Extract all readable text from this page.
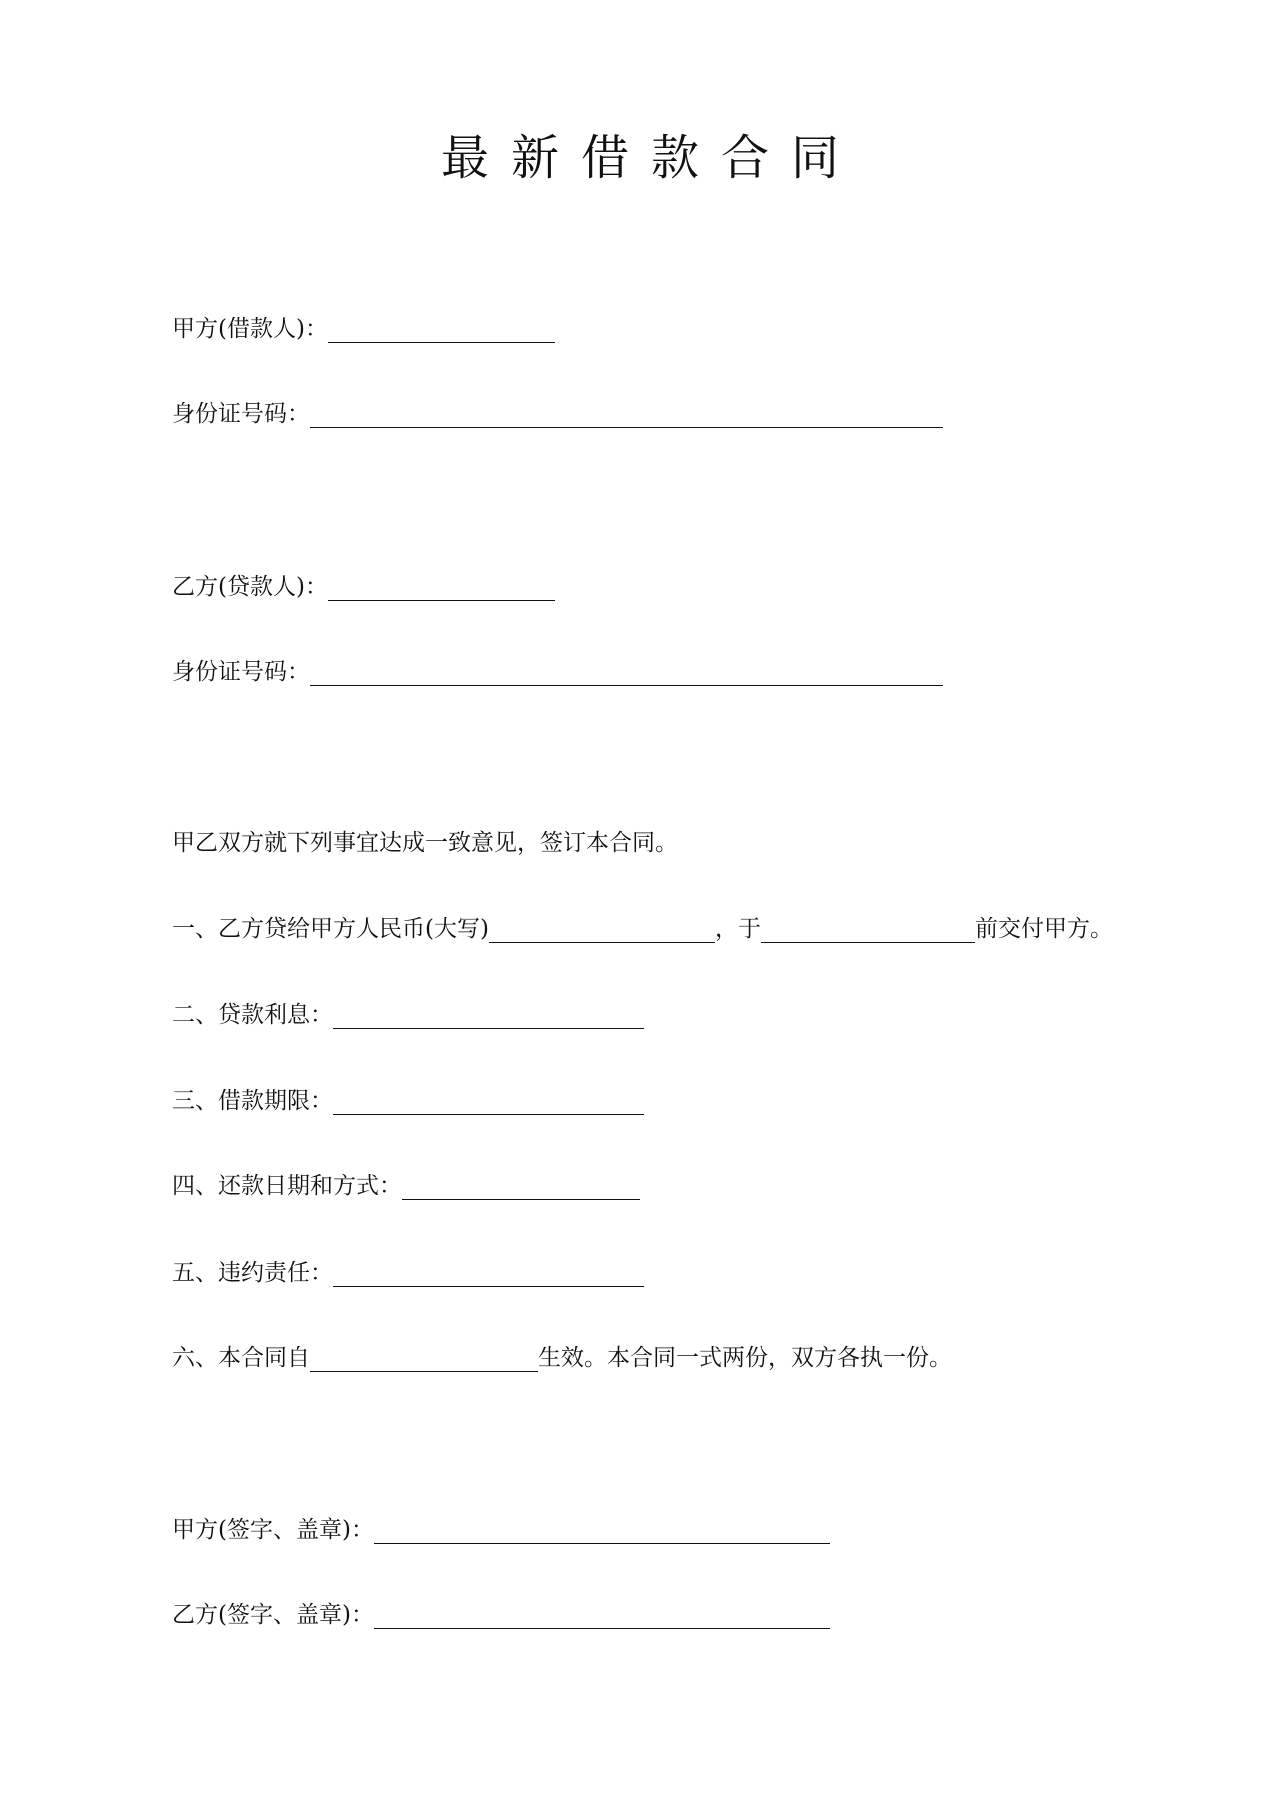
最新借款合同
甲方(借款人)：
身份证号码：
乙方(贷款人)：
身份证号码：
甲乙双方就下列事宜达成一致意见，签订本合同。
一、乙方贷给甲方人民币(大写)	，于	前交付甲方。
二、贷款利息：
三、借款期限：
四、还款日期和方式：
五、违约责任：
六、本合同自	生效。本合同一式两份，双方各执一份。
甲方(签字、盖章)：
乙方(签字、盖章)：
